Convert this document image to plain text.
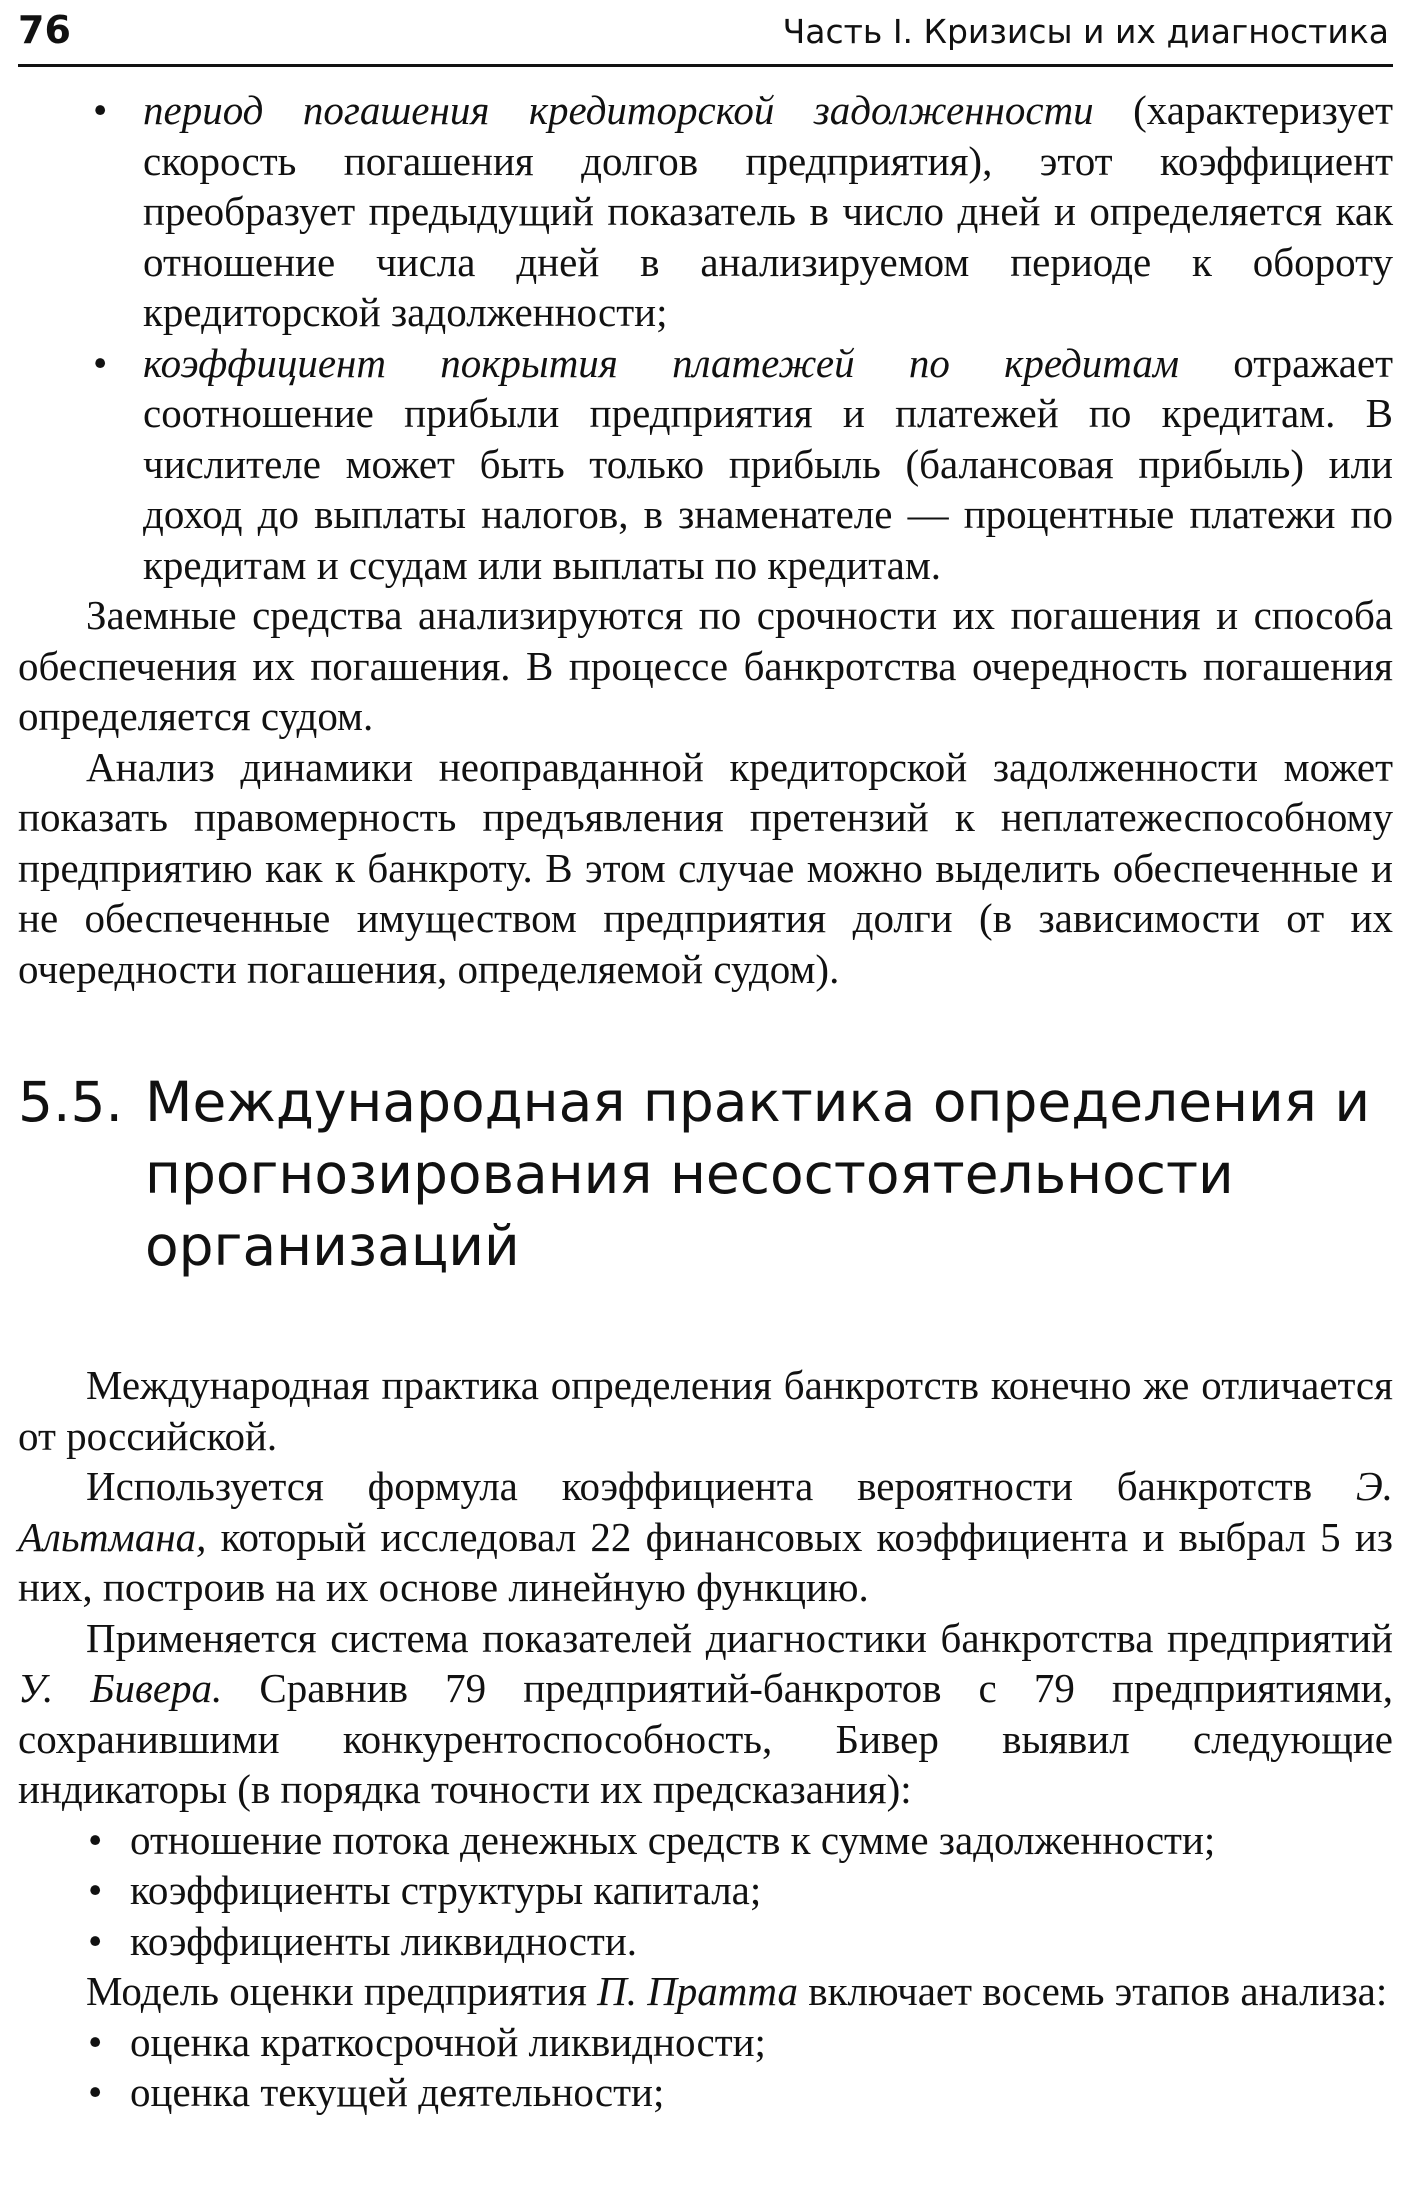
76	Часть I. Кризисы и их диагностика
• период погашения кредиторской задолженности (характеризует скорость погашения долгов предприятия), этот коэффициент преобразует предыдущий показатель в число дней и определяется как отношение числа дней в анализируемом периоде к обороту кредиторской задолженности;
• коэффициент покрытия платежей по кредитам отражает соотношение прибыли предприятия и платежей по кредитам. В числителе может быть только прибыль (балансовая прибыль) или доход до выплаты налогов, в знаменателе — процентные платежи по кредитам и ссудам или выплаты по кредитам.

Заемные средства анализируются по срочности их погашения и способа обеспечения их погашения. В процессе банкротства очередность погашения определяется судом.

Анализ динамики неоправданной кредиторской задолженности может показать правомерность предъявления претензий к неплатежеспособному предприятию как к банкроту. В этом случае можно выделить обеспеченные и не обеспеченные имуществом предприятия долги (в зависимости от их очередности погашения, определяемой судом).

5.5. Международная практика определения и прогнозирования несостоятельности организаций

Международная практика определения банкротств конечно же отличается от российской.

Используется формула коэффициента вероятности банкротств Э. Альтмана, который исследовал 22 финансовых коэффициента и выбрал 5 из них, построив на их основе линейную функцию.

Применяется система показателей диагностики банкротства предприятий У. Бивера. Сравнив 79 предприятий-банкротов с 79 предприятиями, сохранившими конкурентоспособность, Бивер выявил следующие индикаторы (в порядка точности их предсказания):

• отношение потока денежных средств к сумме задолженности;
• коэффициенты структуры капитала;
• коэффициенты ликвидности.

Модель оценки предприятия П. Пратта включает восемь этапов анализа:

• оценка краткосрочной ликвидности;
• оценка текущей деятельности;
